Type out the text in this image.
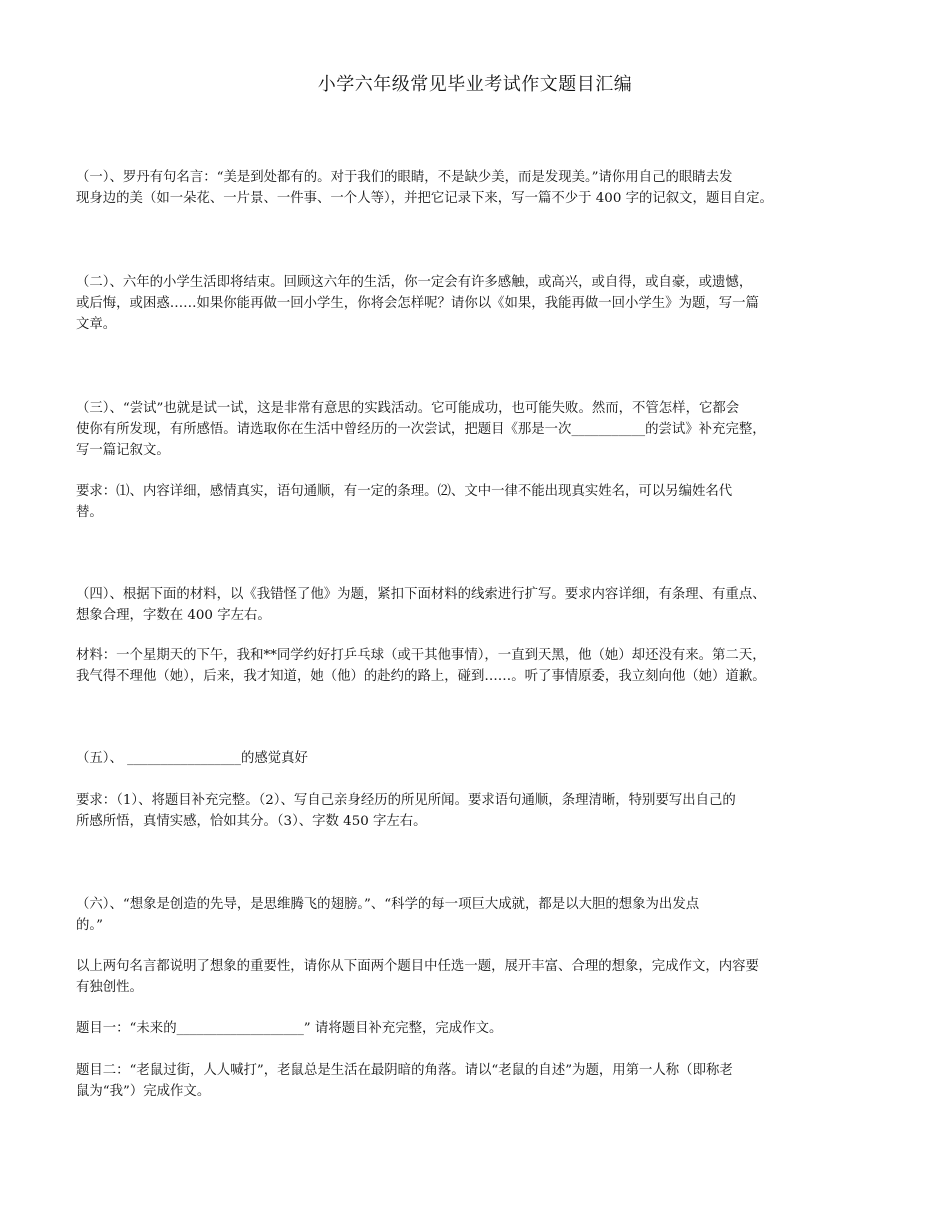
小学六年级常见毕业考试作文题目汇编

（一）、罗丹有句名言：“美是到处都有的。对于我们的眼睛，不是缺少美，而是发现美。”请你用自己的眼睛去发
现身边的美（如一朵花、一片景、一件事、一个人等），并把它记录下来，写一篇不少于 400 字的记叙文，题目自定。

（二）、六年的小学生活即将结束。回顾这六年的生活，你一定会有许多感触，或高兴，或自得，或自豪，或遗憾，
或后悔，或困惑……如果你能再做一回小学生，你将会怎样呢？请你以《如果，我能再做一回小学生》为题，写一篇
文章。

（三）、“尝试”也就是试一试，这是非常有意思的实践活动。它可能成功，也可能失败。然而，不管怎样，它都会
使你有所发现，有所感悟。请选取你在生活中曾经历的一次尝试，把题目《那是一次___________的尝试》补充完整，
写一篇记叙文。

要求：⑴、内容详细，感情真实，语句通顺，有一定的条理。⑵、文中一律不能出现真实姓名，可以另编姓名代
替。

（四）、根据下面的材料，以《我错怪了他》为题，紧扣下面材料的线索进行扩写。要求内容详细，有条理、有重点、
想象合理，字数在 400 字左右。

材料：一个星期天的下午，我和**同学约好打乒乓球（或干其他事情），一直到天黑，他（她）却还没有来。第二天，
我气得不理他（她），后来，我才知道，她（他）的赴约的路上，碰到……。听了事情原委，我立刻向他（她）道歉。

（五）、 _________________的感觉真好

要求：（1）、将题目补充完整。（2）、写自己亲身经历的所见所闻。要求语句通顺，条理清晰，特别要写出自己的
所感所悟，真情实感，恰如其分。（3）、字数 450 字左右。

（六）、“想象是创造的先导，是思维腾飞的翅膀。”、“科学的每一项巨大成就，都是以大胆的想象为出发点
的。”

以上两句名言都说明了想象的重要性，请你从下面两个题目中任选一题，展开丰富、合理的想象，完成作文，内容要
有独创性。

题目一：“未来的___________________” 请将题目补充完整，完成作文。

题目二：“老鼠过街，人人喊打”，老鼠总是生活在最阴暗的角落。请以“老鼠的自述”为题，用第一人称（即称老
鼠为“我”）完成作文。
